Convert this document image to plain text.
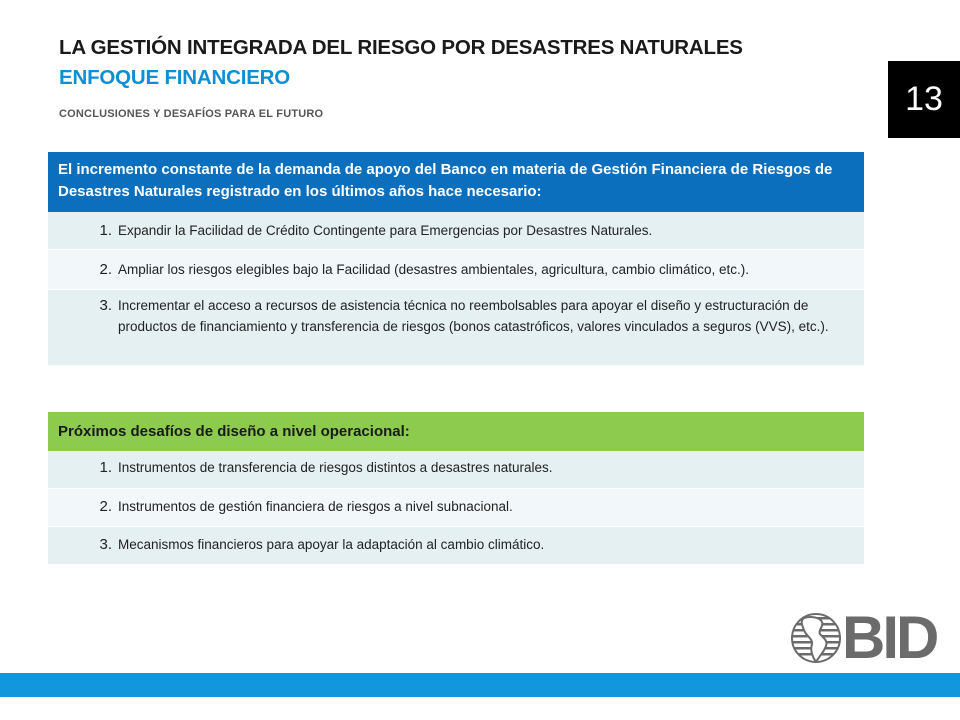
LA GESTIÓN INTEGRADA DEL RIESGO POR DESASTRES NATURALES
ENFOQUE FINANCIERO
CONCLUSIONES Y DESAFÍOS PARA EL FUTURO	13
El incremento constante de la demanda de apoyo del Banco en materia de Gestión Financiera de Riesgos de Desastres Naturales registrado en los últimos años hace necesario:
1. Expandir la Facilidad de Crédito Contingente para Emergencias por Desastres Naturales.
2. Ampliar los riesgos elegibles bajo la Facilidad (desastres ambientales, agricultura, cambio climático, etc.).
3. Incrementar el acceso a recursos de asistencia técnica no reembolsables para apoyar el diseño y estructuración de productos de financiamiento y transferencia de riesgos (bonos catastróficos, valores vinculados a seguros (VVS), etc.).
Próximos desafíos de diseño a nivel operacional:
1. Instrumentos de transferencia de riesgos distintos a desastres naturales.
2. Instrumentos de gestión financiera de riesgos a nivel subnacional.
3. Mecanismos financieros para apoyar la adaptación al cambio climático.
BID
